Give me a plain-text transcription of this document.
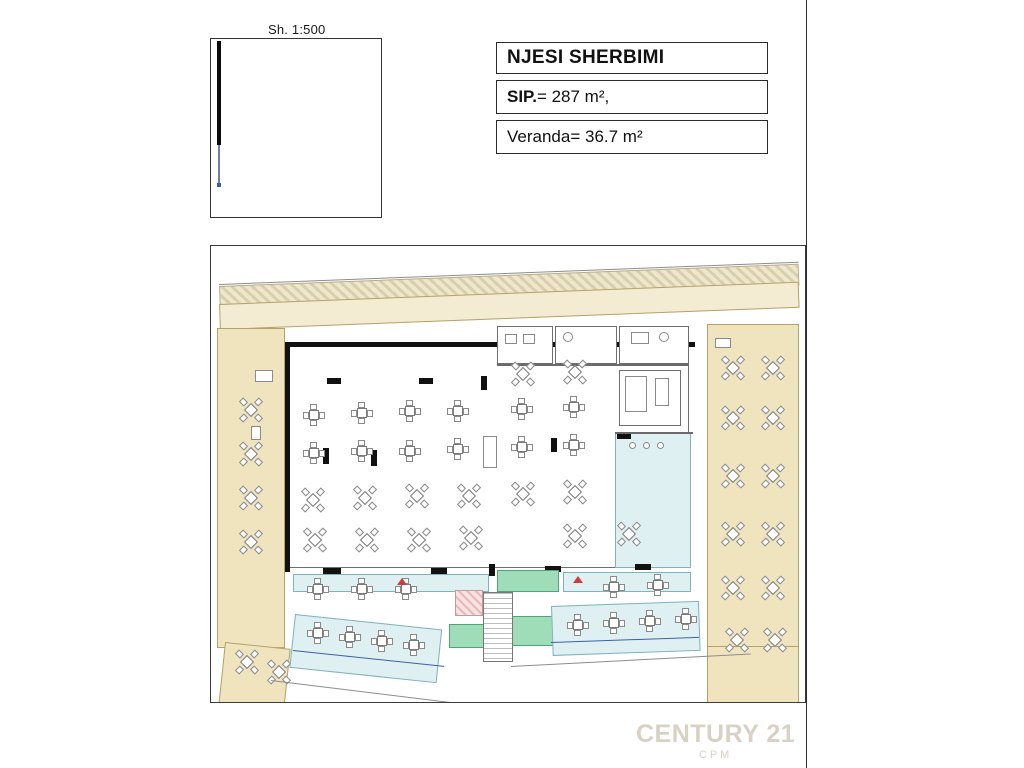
Sh. 1:500
NJESI SHERBIMI
SIP.= 287 m²,
Veranda= 36.7 m²
CENTURY 21
CPM
